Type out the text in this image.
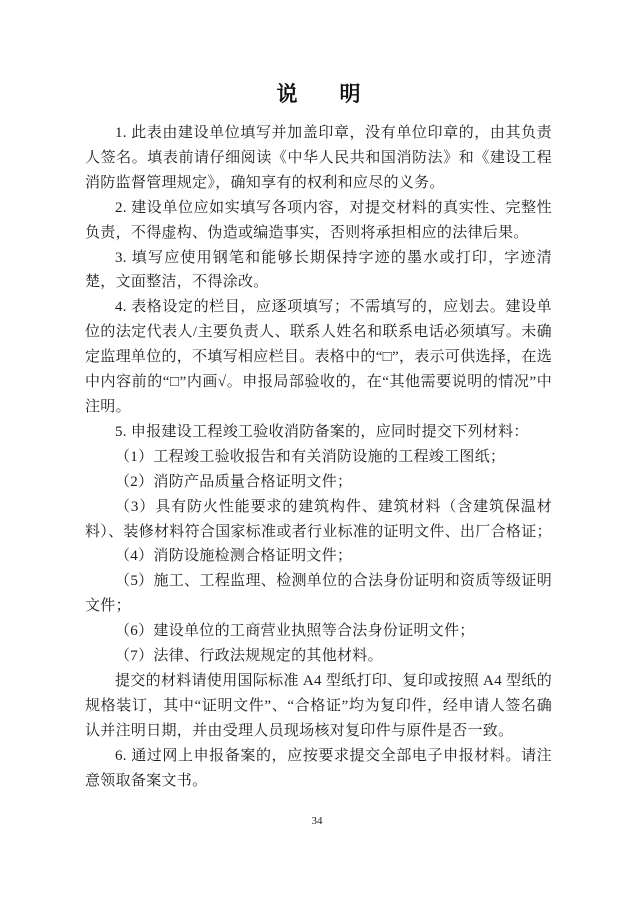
说　　明

1. 此表由建设单位填写并加盖印章，没有单位印章的，由其负责人签名。填表前请仔细阅读《中华人民共和国消防法》和《建设工程消防监督管理规定》，确知享有的权利和应尽的义务。

2. 建设单位应如实填写各项内容，对提交材料的真实性、完整性负责，不得虚构、伪造或编造事实，否则将承担相应的法律后果。

3. 填写应使用钢笔和能够长期保持字迹的墨水或打印，字迹清楚，文面整洁，不得涂改。

4. 表格设定的栏目，应逐项填写；不需填写的，应划去。建设单位的法定代表人/主要负责人、联系人姓名和联系电话必须填写。未确定监理单位的，不填写相应栏目。表格中的“□”，表示可供选择，在选中内容前的“□”内画√。申报局部验收的，在“其他需要说明的情况”中注明。

5. 申报建设工程竣工验收消防备案的，应同时提交下列材料：

（1）工程竣工验收报告和有关消防设施的工程竣工图纸；

（2）消防产品质量合格证明文件；

（3）具有防火性能要求的建筑构件、建筑材料（含建筑保温材料）、装修材料符合国家标准或者行业标准的证明文件、出厂合格证；

（4）消防设施检测合格证明文件；

（5）施工、工程监理、检测单位的合法身份证明和资质等级证明文件；

（6）建设单位的工商营业执照等合法身份证明文件；

（7）法律、行政法规规定的其他材料。

提交的材料请使用国际标准 A4 型纸打印、复印或按照 A4 型纸的规格装订，其中“证明文件”、“合格证”均为复印件，经申请人签名确认并注明日期，并由受理人员现场核对复印件与原件是否一致。

6. 通过网上申报备案的，应按要求提交全部电子申报材料。请注意领取备案文书。

34
